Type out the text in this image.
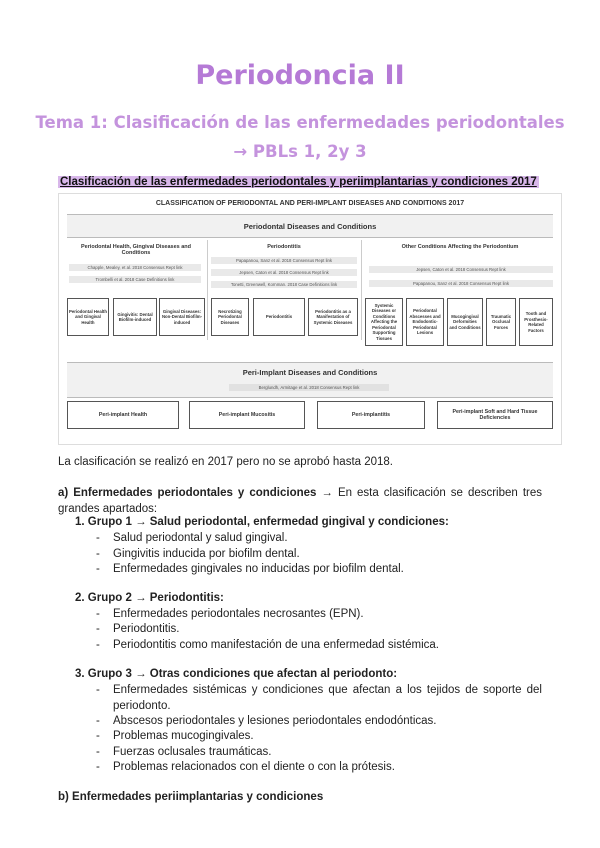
Periodoncia II
Tema 1: Clasificación de las enfermedades periodontales → PBLs 1, 2y 3
Clasificación de las enfermedades periodontales y periimplantarias y condiciones 2017
CLASSIFICATION OF PERIODONTAL AND PERI-IMPLANT DISEASES AND CONDITIONS 2017
Periodontal Diseases and Conditions
Periodontal Health, Gingival Diseases and Conditions
Chapple, Mealey, et al. 2018 Consensus Rept link
Trombelli et al. 2018 Case Definitions link
Periodontal Health and Gingival Health
Gingivitis: Dental Biofilm-induced
Gingival Diseases: Non-Dental Biofilm-induced
Periodontitis
Papapanou, Sanz et al. 2018 Consensus Rept link
Jepsen, Caton et al. 2018 Consensus Rept link
Tonetti, Greenwell, Kornman. 2018 Case Definitions link
Necrotizing Periodontal Diseases
Periodontitis
Periodontitis as a Manifestation of Systemic Diseases
Other Conditions Affecting the Periodontium
Jepsen, Caton et al. 2018 Consensus Rept link
Papapanou, Sanz et al. 2018 Consensus Rept link
Systemic Diseases or Conditions Affecting the Periodontal Supporting Tissues
Periodontal Abscesses and Endodontic-Periodontal Lesions
Mucogingival Deformities and Conditions
Traumatic Occlusal Forces
Tooth and Prosthesis-Related Factors
Peri-Implant Diseases and Conditions
Berglundh, Armitage et al. 2018 Consensus Rept link
Peri-implant Health	Peri-implant Mucositis	Peri-implantitis	Peri-implant Soft and Hard Tissue Deficiencies
La clasificación se realizó en 2017 pero no se aprobó hasta 2018.
a) Enfermedades periodontales y condiciones → En esta clasificación se describen tres grandes apartados:
1. Grupo 1 → Salud periodontal, enfermedad gingival y condiciones:
- Salud periodontal y salud gingival.
- Gingivitis inducida por biofilm dental.
- Enfermedades gingivales no inducidas por biofilm dental.
2. Grupo 2 → Periodontitis:
- Enfermedades periodontales necrosantes (EPN).
- Periodontitis.
- Periodontitis como manifestación de una enfermedad sistémica.
3. Grupo 3 → Otras condiciones que afectan al periodonto:
- Enfermedades sistémicas y condiciones que afectan a los tejidos de soporte del periodonto.
- Abscesos periodontales y lesiones periodontales endodónticas.
- Problemas mucogingivales.
- Fuerzas oclusales traumáticas.
- Problemas relacionados con el diente o con la prótesis.
b) Enfermedades periimplantarias y condiciones
